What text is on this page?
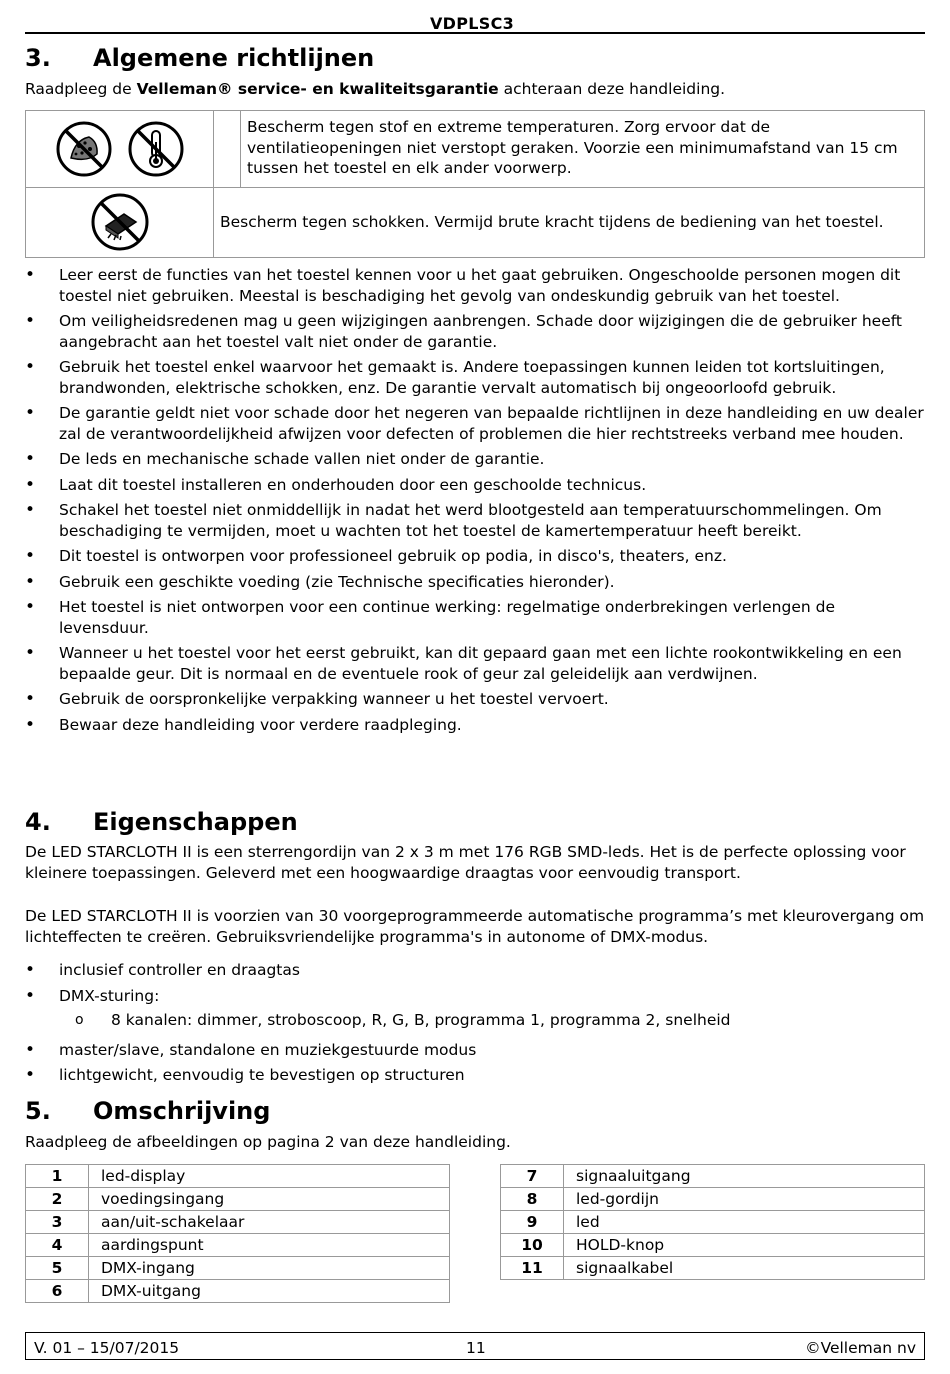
VDPLSC3
3. Algemene richtlijnen
Raadpleeg de Velleman® service- en kwaliteitsgarantie achteraan deze handleiding.
		Bescherm tegen stof en extreme temperaturen. Zorg ervoor dat de ventilatieopeningen niet verstopt geraken. Voorzie een minimumafstand van 15 cm tussen het toestel en elk ander voorwerp.

	Bescherm tegen schokken. Vermijd brute kracht tijdens de bediening van het toestel.	
• Leer eerst de functies van het toestel kennen voor u het gaat gebruiken. Ongeschoolde personen mogen dit toestel niet gebruiken. Meestal is beschadiging het gevolg van ondeskundig gebruik van het toestel.
• Om veiligheidsredenen mag u geen wijzigingen aanbrengen. Schade door wijzigingen die de gebruiker heeft aangebracht aan het toestel valt niet onder de garantie.
• Gebruik het toestel enkel waarvoor het gemaakt is. Andere toepassingen kunnen leiden tot kortsluitingen, brandwonden, elektrische schokken, enz. De garantie vervalt automatisch bij ongeoorloofd gebruik.
• De garantie geldt niet voor schade door het negeren van bepaalde richtlijnen in deze handleiding en uw dealer zal de verantwoordelijkheid afwijzen voor defecten of problemen die hier rechtstreeks verband mee houden.
• De leds en mechanische schade vallen niet onder de garantie.
• Laat dit toestel installeren en onderhouden door een geschoolde technicus.
• Schakel het toestel niet onmiddellijk in nadat het werd blootgesteld aan temperatuurschommelingen. Om beschadiging te vermijden, moet u wachten tot het toestel de kamertemperatuur heeft bereikt.
• Dit toestel is ontworpen voor professioneel gebruik op podia, in disco's, theaters, enz.
• Gebruik een geschikte voeding (zie Technische specificaties hieronder).
• Het toestel is niet ontworpen voor een continue werking: regelmatige onderbrekingen verlengen de levensduur.
• Wanneer u het toestel voor het eerst gebruikt, kan dit gepaard gaan met een lichte rookontwikkeling en een bepaalde geur. Dit is normaal en de eventuele rook of geur zal geleidelijk aan verdwijnen.
• Gebruik de oorspronkelijke verpakking wanneer u het toestel vervoert.
• Bewaar deze handleiding voor verdere raadpleging.
4. Eigenschappen
De LED STARCLOTH II is een sterrengordijn van 2 x 3 m met 176 RGB SMD-leds. Het is de perfecte oplossing voor kleinere toepassingen. Geleverd met een hoogwaardige draagtas voor eenvoudig transport.
De LED STARCLOTH II is voorzien van 30 voorgeprogrammeerde automatische programma’s met kleurovergang om lichteffecten te creëren. Gebruiksvriendelijke programma's in autonome of DMX-modus.
• inclusief controller en draagtas
• DMX-sturing:
o 8 kanalen: dimmer, stroboscoop, R, G, B, programma 1, programma 2, snelheid
• master/slave, standalone en muziekgestuurde modus
• lichtgewicht, eenvoudig te bevestigen op structuren
5. Omschrijving
Raadpleeg de afbeeldingen op pagina 2 van deze handleiding.
1	led-display
2	voedingsingang
3	aan/uit-schakelaar
4	aardingspunt
5	DMX-ingang
6	DMX-uitgang
7	signaaluitgang
8	led-gordijn
9	led
10	HOLD-knop
11	signaalkabel
V. 01 – 15/07/2015	11	©Velleman nv
